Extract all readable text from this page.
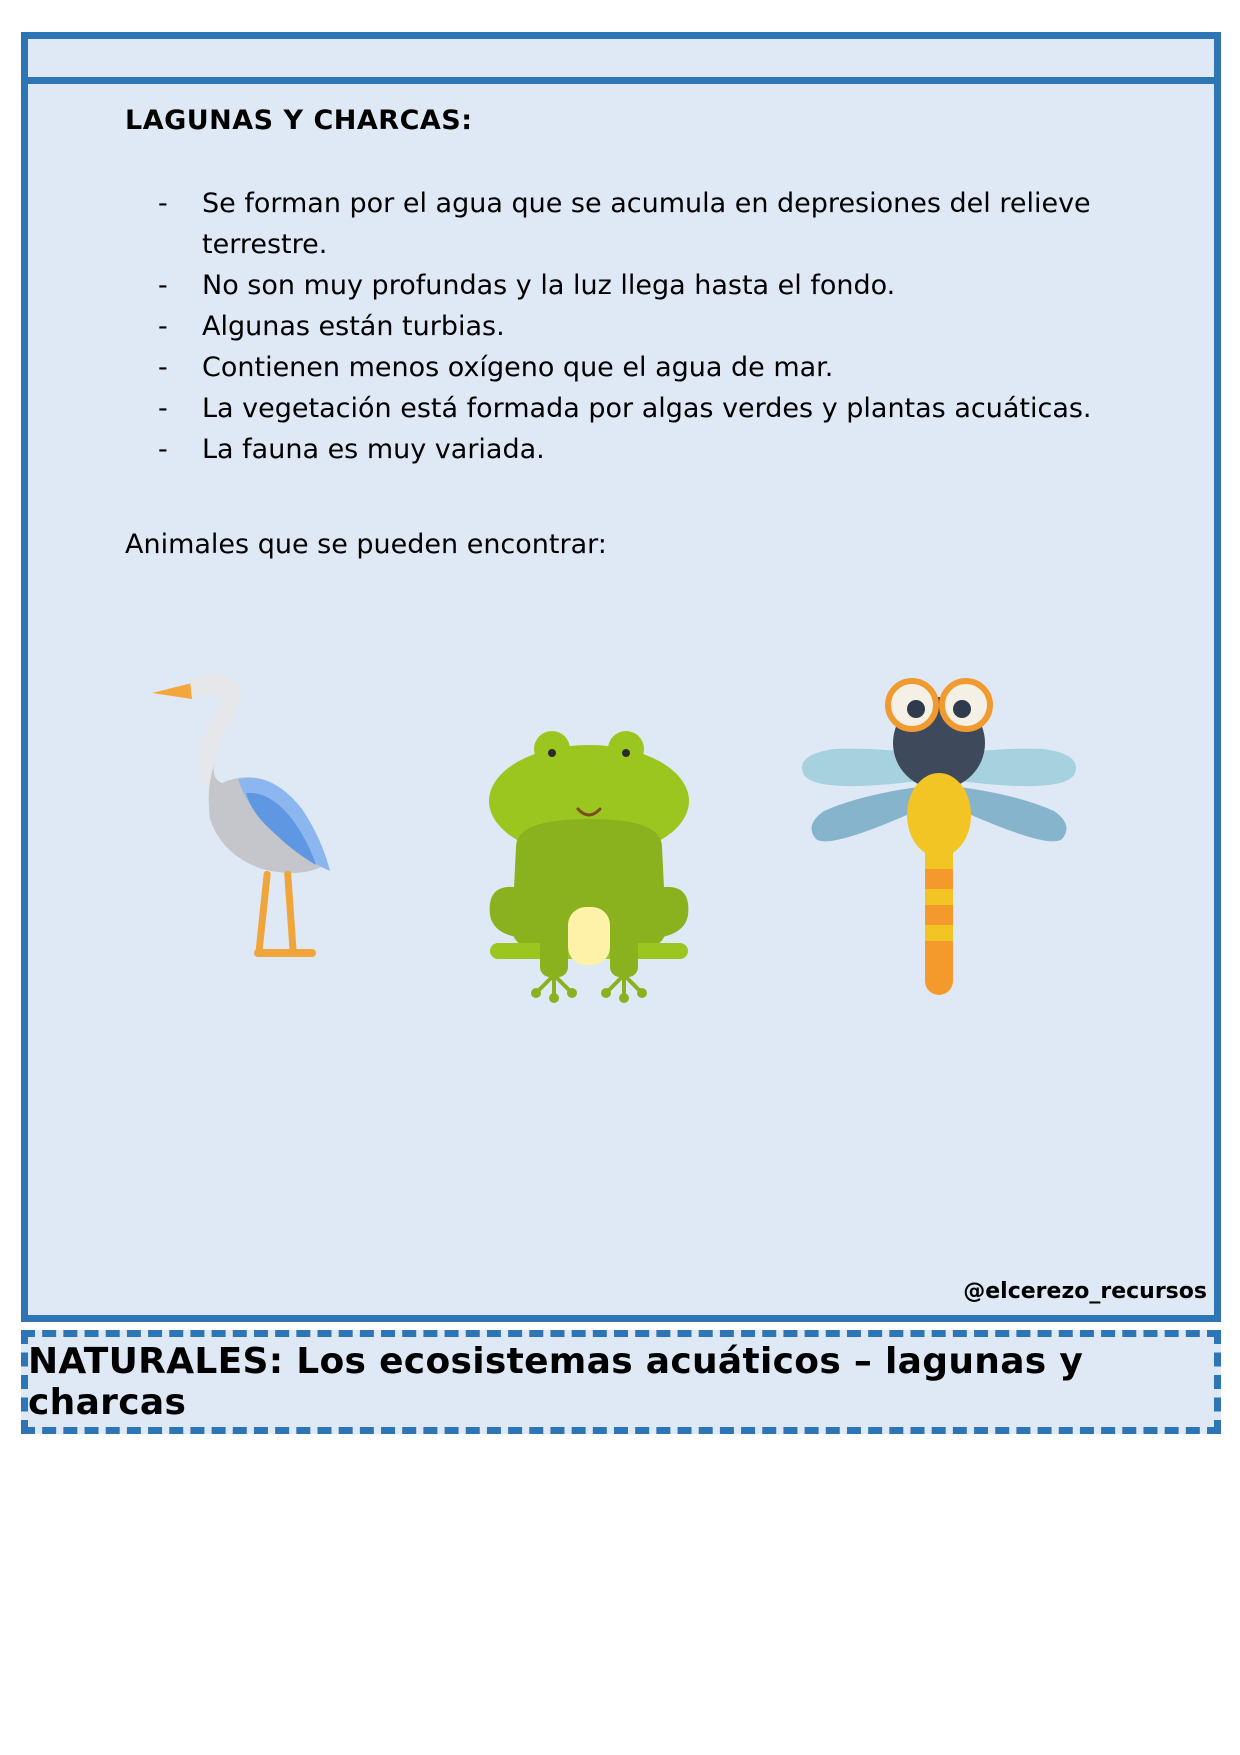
LAGUNAS Y CHARCAS:
- Se forman por el agua que se acumula en depresiones del relieve terrestre.
- No son muy profundas y la luz llega hasta el fondo.
- Algunas están turbias.
- Contienen menos oxígeno que el agua de mar.
- La vegetación está formada por algas verdes y plantas acuáticas.
- La fauna es muy variada.

Animales que se pueden encontrar:

@elcerezo_recursos
NATURALES: Los ecosistemas acuáticos – lagunas y charcas
